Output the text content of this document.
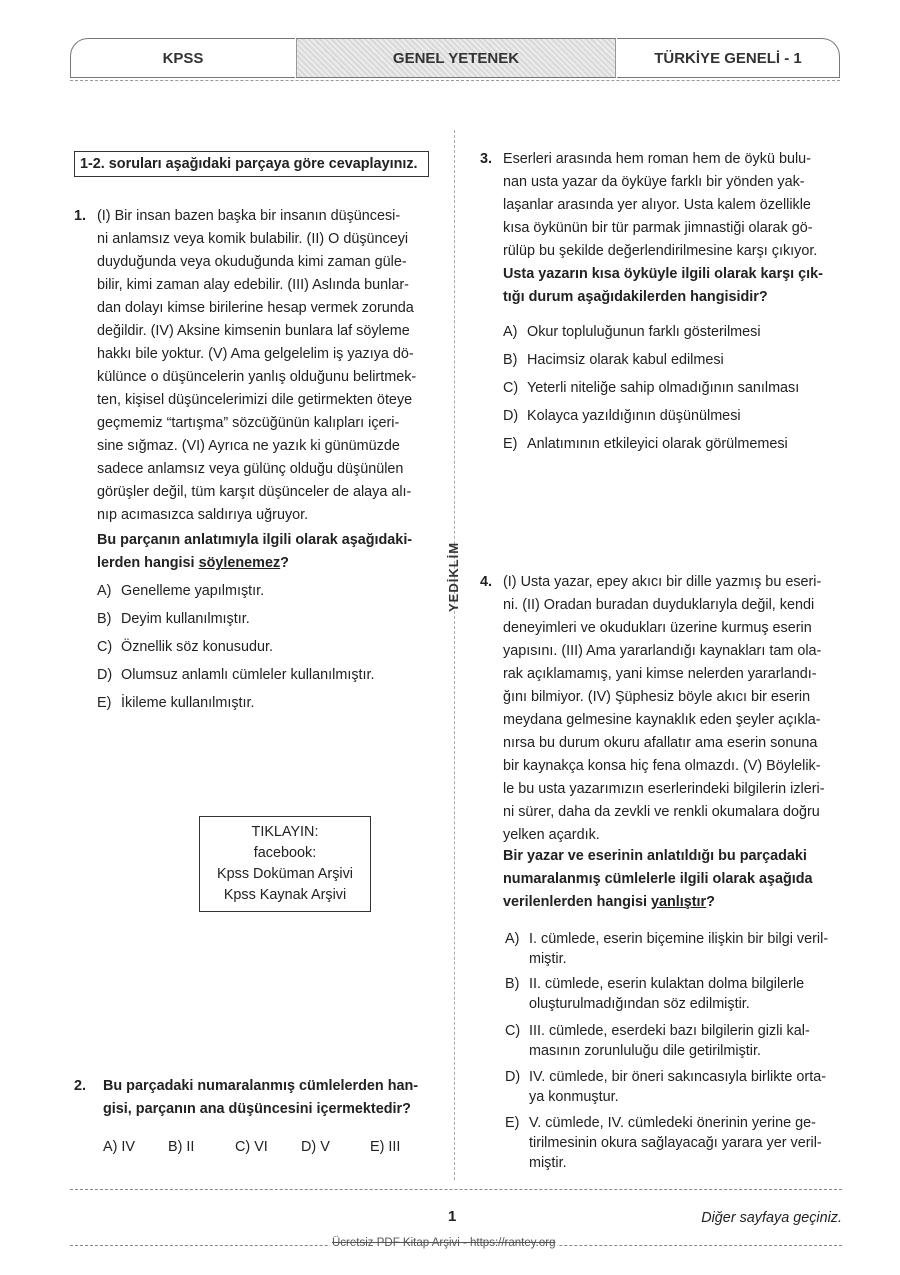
KPSS	GENEL YETENEK	TÜRKİYE GENELİ - 1
YEDİKLİM
1-2. soruları aşağıdaki parçaya göre cevaplayınız.
1. (I) Bir insan bazen başka bir insanın düşüncesi-
ni anlamsız veya komik bulabilir. (II) O düşünceyi
duyduğunda veya okuduğunda kimi zaman güle-
bilir, kimi zaman alay edebilir. (III) Aslında bunlar-
dan dolayı kimse birilerine hesap vermek zorunda
değildir. (IV) Aksine kimsenin bunlara laf söyleme
hakkı bile yoktur. (V) Ama gelgelelim iş yazıya dö-
külünce o düşüncelerin yanlış olduğunu belirtmek-
ten, kişisel düşüncelerimizi dile getirmekten öteye
geçmemiz “tartışma” sözcüğünün kalıpları içeri-
sine sığmaz. (VI) Ayrıca ne yazık ki günümüzde
sadece anlamsız veya gülünç olduğu düşünülen
görüşler değil, tüm karşıt düşünceler de alaya alı-
nıp acımasızca saldırıya uğruyor.
Bu parçanın anlatımıyla ilgili olarak aşağıdaki-
lerden hangisi söylenemez?
A) Genelleme yapılmıştır.
B) Deyim kullanılmıştır.
C) Öznellik söz konusudur.
D) Olumsuz anlamlı cümleler kullanılmıştır.
E) İkileme kullanılmıştır.
TIKLAYIN:
facebook:
Kpss Doküman Arşivi
Kpss Kaynak Arşivi
2. Bu parçadaki numaralanmış cümlelerden han-
gisi, parçanın ana düşüncesini içermektedir?
A) IV B) II	C) VI D) V	E) III
3. Eserleri arasında hem roman hem de öykü bulu-
nan usta yazar da öyküye farklı bir yönden yak-
laşanlar arasında yer alıyor. Usta kalem özellikle
kısa öykünün bir tür parmak jimnastiği olarak gö-
rülüp bu şekilde değerlendirilmesine karşı çıkıyor.
Usta yazarın kısa öyküyle ilgili olarak karşı çık-
tığı durum aşağıdakilerden hangisidir?
A) Okur topluluğunun farklı gösterilmesi
B) Hacimsiz olarak kabul edilmesi
C) Yeterli niteliğe sahip olmadığının sanılması
D) Kolayca yazıldığının düşünülmesi
E) Anlatımının etkileyici olarak görülmemesi
4. (I) Usta yazar, epey akıcı bir dille yazmış bu eseri-
ni. (II) Oradan buradan duyduklarıyla değil, kendi
deneyimleri ve okudukları üzerine kurmuş eserin
yapısını. (III) Ama yararlandığı kaynakları tam ola-
rak açıklamamış, yani kimse nelerden yararlandı-
ğını bilmiyor. (IV) Şüphesiz böyle akıcı bir eserin
meydana gelmesine kaynaklık eden şeyler açıkla-
nırsa bu durum okuru afallatır ama eserin sonuna
bir kaynakça konsa hiç fena olmazdı. (V) Böylelik-
le bu usta yazarımızın eserlerindeki bilgilerin izleri-
ni sürer, daha da zevkli ve renkli okumalara doğru
yelken açardık.
Bir yazar ve eserinin anlatıldığı bu parçadaki
numaralanmış cümlelerle ilgili olarak aşağıda
verilenlerden hangisi yanlıştır?
A) I. cümlede, eserin biçemine ilişkin bir bilgi veril-
miştir.
B) II. cümlede, eserin kulaktan dolma bilgilerle
oluşturulmadığından söz edilmiştir.
C) III. cümlede, eserdeki bazı bilgilerin gizli kal-
masının zorunluluğu dile getirilmiştir.
D) IV. cümlede, bir öneri sakıncasıyla birlikte orta-
ya konmuştur.
E) V. cümlede, IV. cümledeki önerinin yerine ge-
tirilmesinin okura sağlayacağı yarara yer veril-
miştir.
1	Diğer sayfaya geçiniz.
Ücretsiz PDF Kitap Arşivi - https://rantey.org
